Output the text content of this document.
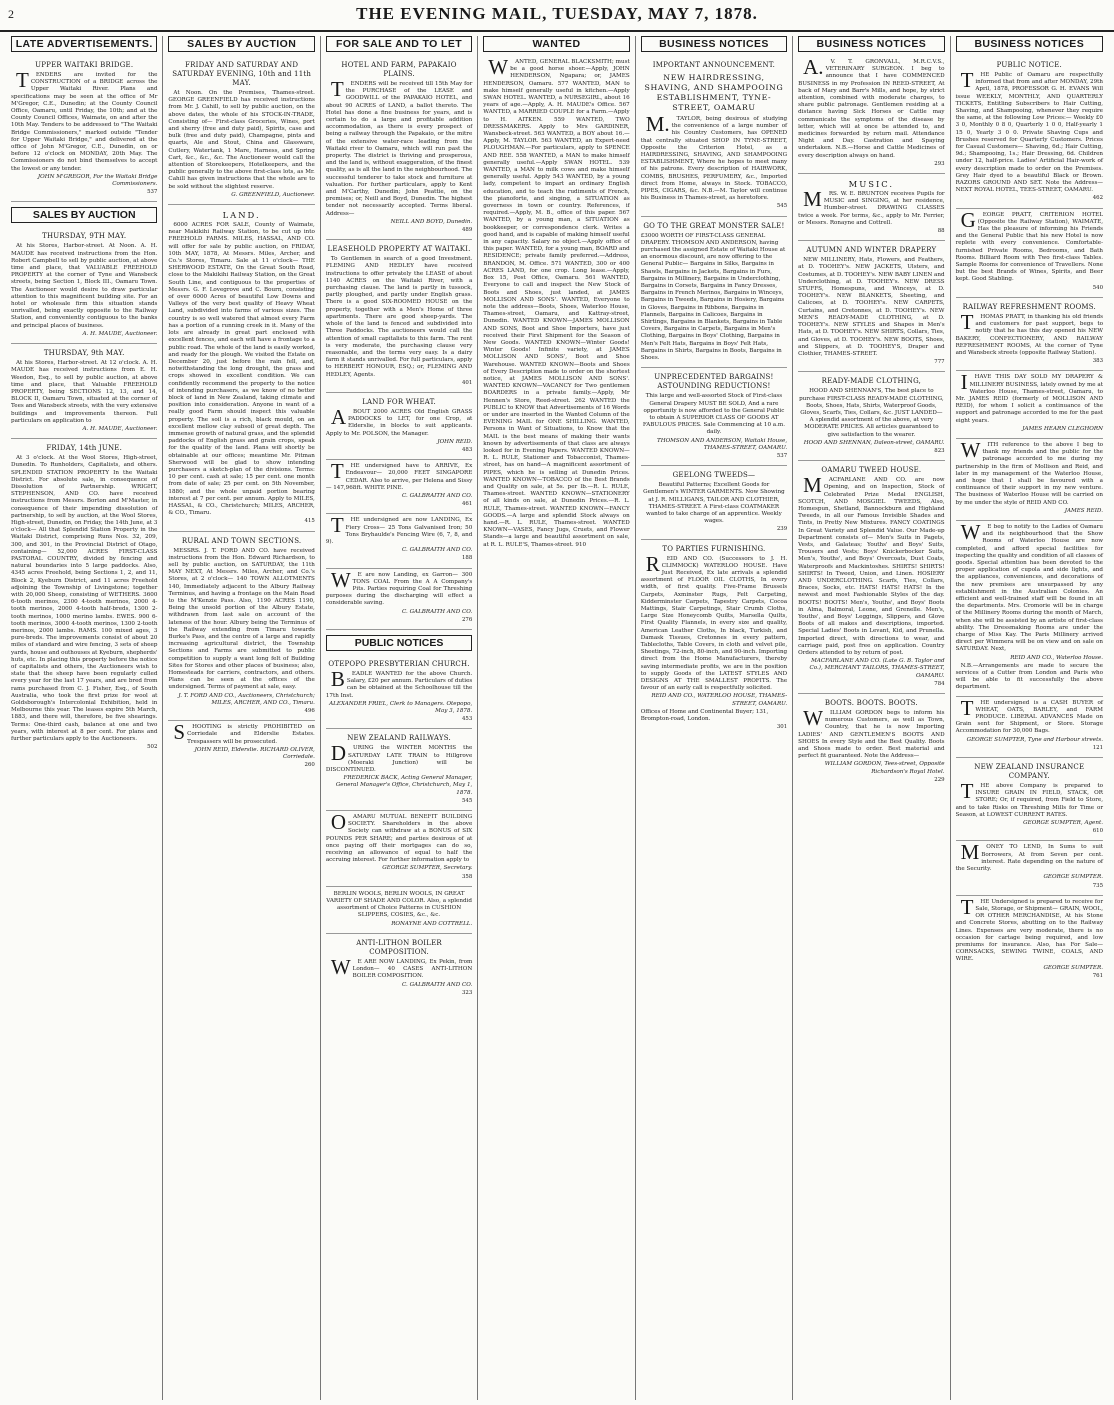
2	THE EVENING MAIL, TUESDAY, MAY 7, 1878.
LATE ADVERTISEMENTS.
UPPER WAITAKI BRIDGE.

TENDERS are invited for the CONSTRUCTION of a BRIDGE across the Upper Waitaki River. Plans and specifications may be seen at the office of Mr M'Gregor, C.E., Dunedin; at the County Council Office, Oamaru, until Friday, the 10th; and at the County Council Offices, Waimate, on and after the 10th May. Tenders to be addressed to "The Waitaki Bridge Commissioners," marked outside "Tender for Upper Waitaki Bridge," and delivered at the office of John M'Gregor, C.E., Dunedin, on or before 12 o'clock on MONDAY, 20th May. The Commissioners do not bind themselves to accept the lowest or any tender.

JOHN M'GREGOR, For the Waitaki Bridge Commissioners.

537

SALES BY AUCTION
THURSDAY, 9TH MAY.

At his Stores, Harbor-street. At Noon. A. H. MAUDE has received instructions from the Hon. Robert Campbell to sell by public auction, at above time and place, that VALUABLE FREEHOLD PROPERTY at the corner of Tyne and Wansbeck streets, being Section 1, Block III., Oamaru Town. The Auctioneer would desire to draw particular attention to this magnificent building site. For an hotel or wholesale firm this situation stands unrivalled, being exactly opposite to the Railway Station, and conveniently contiguous to the banks and principal places of business.

A. H. MAUDE, Auctioneer.

THURSDAY, 9th MAY.

At his Stores, Harbor-street. At 12 o'clock. A. H. MAUDE has received instructions from E. H. Weedon, Esq., to sell by public auction, at above time and place, that Valuable FREEHOLD PROPERTY, being SECTIONS 12, 13, and 14, BLOCK II, Oamaru Town, situated at the corner of Tees and Wansbeck streets, with the very extensive buildings and improvements thereon. Full particulars on application to

A. H. MAUDE, Auctioneer.

FRIDAY, 14th JUNE.

At 3 o'clock. At the Wool Stores, High-street, Dunedin. To Runholders, Capitalists, and others. SPLENDID STATION PROPERTY In the Waitaki District. For absolute sale, in consequence of Dissolution of Partnership. WRIGHT, STEPHENSON, AND CO. have received instructions from Messrs. Borton and M'Master, in consequence of their impending dissolution of partnership, to sell by auction, at the Wool Stores, High-street, Dunedin, on Friday, the 14th June, at 3 o'clock— All that Splendid Station Property in the Waitaki District, comprising Runs Nos. 32, 209, 300, and 301, in the Provincial District of Otago, containing— 52,000 ACRES FIRST-CLASS PASTORAL COUNTRY, divided by fencing and natural boundaries into 5 large paddocks. Also, 4345 acres Freehold, being Sections 1, 2, and 11, Block 2, Kyeburn District, and 11 acres Freehold adjoining the Township of Livingstone; together with 20,000 Sheep, consisting of WETHERS. 3600 6-tooth merinos, 2300 4-tooth merinos, 2000 4-tooth merinos, 2000 4-tooth half-breds, 1300 2-tooth merinos, 1000 merino lambs. EWES. 900 6-tooth merinos, 3000 4-tooth merinos, 1300 2-tooth merinos, 2000 lambs. RAMS. 100 mixed ages, 3 pure-breds. The improvements consist of about 20 miles of standard and wire fencing, 3 sets of sheep yards, house and outhouses at Kyeburn, shepherds' huts, etc. In placing this property before the notice of capitalists and others, the Auctioneers wish to state that the sheep have been regularly culled every year for the last 17 years, and are bred from rams purchased from C. J. Fisher, Esq., of South Australia, who took the first prize for wool at Goldsborough's Intercolonial Exhibition, held in Melbourne this year. The leases expire 5th March, 1883, and there will, therefore, be five shearings. Terms: One-third cash, balance at one and two years, with interest at 8 per cent. For plans and further particulars apply to the Auctioneers.

502

SALES BY AUCTION
FRIDAY AND SATURDAY AND SATURDAY EVENING, 10th and 11th MAY.

At Noon. On the Premises, Thames-street. GEORGE GREENFIELD has received instructions from Mr. J. Cahill, to sell by public auction, on the above dates, the whole of his STOCK-IN-TRADE, Consisting of— First-class Groceries, Wines, port and sherry (free and duty paid), Spirits, case and bulk (free and duty paid), Champagne, pints and quarts, Ale and Stout, China and Glassware, Cutlery, Watertank, 1 Mare, Harness, and Spring Cart, &c., &c., &c. The Auctioneer would call the attention of Storekeepers, Hotelkeepers, and the public generally to the above first-class lots, as Mr. Cahill has given instructions that the whole are to be sold without the slightest reserve.

G. GREENFIELD, Auctioneer.

LAND.

6000 ACRES FOR SALE, County of Waimate, near Makikihi Railway Station, to be cut up into FREEHOLD FARMS. MILES, HASSAL, AND CO. will offer for sale by public auction, on FRIDAY, 10th MAY, 1878, At Messrs. Miles, Archer, and Co.'s Stores, Timaru. Sale at 11 o'clock— THE SHERWOOD ESTATE, On the Great South Road, close to the Makikihi Railway Station, on the Great South Line, and contiguous to the properties of Messrs. G. F. Lovegrove and C. Bourn, consisting of over 6000 Acres of beautiful Low Downs and Valleys of the very best quality of Heavy Wheat Land, subdivided into farms of various sizes. The country is so well watered that almost every Farm has a portion of a running creek in it. Many of the lots are already in great part enclosed with excellent fences, and each will have a frontage to a public road. The whole of the land is easily worked, and ready for the plough. We visited the Estate on December 20, just before the rain fell, and, notwithstanding the long drought, the grass and crops showed in excellent condition. We can confidently recommend the property to the notice of intending purchasers, as we know of no better block of land in New Zealand, taking climate and position into consideration. Anyone in want of a really good Farm should inspect this valuable property. The soil is a rich, black mould, on an excellent mellow clay subsoil of great depth. The immense growth of natural grass, and the splendid paddocks of English grass and grain crops, speak for the quality of the land. Plans will shortly be obtainable at our offices; meantime Mr. Pitman Sherwood will be glad to show intending purchasers a sketch-plan of the divisions. Terms: 10 per cent. cash at sale; 15 per cent. one month from date of sale; 25 per cent. on 5th November, 1880; and the whole unpaid portion bearing interest at 7 per cent. per annum. Apply to MILES, HASSAL, & CO., Christchurch; MILES, ARCHER, & CO., Timaru.

415

RURAL AND TOWN SECTIONS.

MESSRS. J. T. FORD AND CO. have received instructions from the Hon. Edward Richardson, to sell by public auction, on SATURDAY, the 11th MAY NEXT, At Messrs. Miles, Archer, and Co.'s Stores, at 2 o'clock— 140 TOWN ALLOTMENTS 140, Immediately adjacent to the Albury Railway Terminus, and having a frontage on the Main Road to the M'Kenzie Pass. Also, 1190 ACRES 1190, Being the unsold portion of the Albury Estate, withdrawn from last sale on account of the lateness of the hour. Albury being the Terminus of the Railway extending from Timaru towards Burke's Pass, and the centre of a large and rapidly increasing agricultural district, the Township Sections and Farms are submitted to public competition to supply a want long felt of Building Sites for Stores and other places of business; also, Homesteads for carriers, contractors, and others. Plans can be seen at the offices of the undersigned. Terms of payment at sale, easy.

J. T. FORD AND CO., Auctioneers, Christchurch; MILES, ARCHER, AND CO., Timaru.

496

SHOOTING is strictly PROHIBITED on Corriedale and Elderslie Estates. Trespassers will be prosecuted.

JOHN REID, Elderslie. RICHARD OLIVER, Corriedale.

260

FOR SALE AND TO LET
HOTEL AND FARM, PAPAKAIO PLAINS.

TENDERS will be received till 15th May for the PURCHASE of the LEASE and GOODWILL of the PAPAKAIO HOTEL, and about 90 ACRES of LAND, a ballot thereto. The Hotel has done a fine business for years, and is certain to do a large and profitable addition accommodation, as there is every prospect of being a railway through the Papakaio, or the mitre of the extensive water-race leading from the Waitaki river to Oamaru, which will run past the property. The district is thriving and prosperous, and the land is, without exaggeration, of the finest quality, as is all the land in the neighbourhood. The successful tenderer to take stock and furniture at valuation. For further particulars, apply to Kent and M'Carthy, Dunedin; John Peattie, on the premises; or, Neill and Boyd, Dunedin. The highest tender not necessarily accepted. Terms liberal. Address—

NEILL AND BOYD, Dunedin.

489

LEASEHOLD PROPERTY AT WAITAKI.

To Gentlemen in search of a good Investment. FLEMING AND HEDLEY have received instructions to offer privately the LEASE of about 1140 ACRES on the Waitaki River, with a purchasing clause. The land is partly in tussock, partly ploughed, and partly under English grass. There is a good SIX-ROOMED HOUSE on the property, together with a Men's Home of three apartments. There are good sheep-yards. The whole of the land is fenced and subdivided into Three Paddocks. The auctioneers would call the attention of small capitalists to this farm. The rent is very moderate, the purchasing clause very reasonable, and the terms very easy. Is a dairy farm it stands unrivalled. For full particulars, apply to HERBERT HONOUR, ESQ.; or, FLEMING AND HEDLEY, Agents.

401

LAND FOR WHEAT.

ABOUT 2000 ACRES Old English GRASS PADDOCKS to LET, for one Crop, at Elderslie, in blocks to suit applicants. Apply to Mr. POLSON, the Manager.

JOHN REID.

483

THE undersigned have to ARRIVE, Ex Endeavour— 20,000 FEET SINGAPORE CEDAR. Also to arrive, per Helena and Sissy— 147,968ft. WHITE PINE.

C. GALBRAITH AND CO.

461

THE undersigned are now LANDING, Ex Fiery Cross— 25 Tons Galvanised Iron; 50 Tons Bryhaulde's Fencing Wire (6, 7, 8, and 9).

C. GALBRAITH AND CO.

188

WE are now Landing, ex Garron— 300 TONS COAL From the A A Company's Pits. Parties requiring Coal for Threshing purposes during the discharging will effect a considerable saving.

C. GALBRAITH AND CO.

276

PUBLIC NOTICES
OTEPOPO PRESBYTERIAN CHURCH.

BEADLE WANTED for the above Church. Salary, £20 per annum. Particulars of duties can be obtained at the Schoolhouse till the 17th Inst.

ALEXANDER FRIEL, Clerk to Managers. Otepopo, May 3, 1878.

453

NEW ZEALAND RAILWAYS.

DURING the WINTER MONTHS the SATURDAY LATE TRAIN to Hillgrove (Moeraki Junction) will be DISCONTINUED.

FREDERICK BACK, Acting General Manager, General Manager's Office, Christchurch, May 1, 1878.

545

OAMARU MUTUAL BENEFIT BUILDING SOCIETY. Shareholders in the above Society can withdraw at a BONUS of SIX POUNDS PER SHARE; and parties desirous of at once paying off their mortgages can do so, receiving an allowance of equal to half the accruing interest. For further information apply to

GEORGE SUMPTER, Secretary.

358

BERLIN WOOLS, BERLIN WOOLS, IN GREAT VARIETY OF SHADE AND COLOR. Also, a splendid assortment of Choice Patterns in CUSHION SLIPPERS, COSIES, &c., &c.

RONAYNE AND COTTRELL.

ANTI-LITHON BOILER COMPOSITION.

WE ARE NOW LANDING, Ex Pekin, from London— 40 CASES ANTI-LITHON BOILER COMPOSITION.

C. GALBRAITH AND CO.

323

WANTED

WANTED, GENERAL BLACKSMITH; must be a good horse shoer.—Apply, JOHN HENDERSON, Ngapara; or, JAMES HENDERSON, Oamaru. 577 WANTED, MAN to make himself generally useful in kitchen.—Apply SWAN HOTEL. WANTED, a NURSEGIRL, about 16 years of age.—Apply, A. H. MAUDE's Office. 567 WANTED, a MARRIED COUPLE for a Farm.—Apply to H. AITKEN. 559 WANTED, TWO DRESSMAKERS. Apply to Mrs GARDINER, Wansbeck-street. 563 WANTED, a BOY about 16.—Apply, M. TAYLOR. 563 WANTED, an Expert-need PLOUGHMAN.—For particulars, apply to SPENCE AND REE. 558 WANTED, a MAN to make himself generally useful.—Apply SWAN HOTEL. 539 WANTED, a MAN to milk cows and make himself generally useful. Apply 543 WANTED, by a young lady, competent to impart an ordinary English education, and to teach the rudiments of French, the pianoforte, and singing, a SITUATION as governess in town or country. References, if required.—Apply, M. B., office of this paper. 567 WANTED, by a young man, a SITUATION as bookkeeper, or correspondence clerk. Writes a good hand, and is capable of making himself useful in any capacity. Salary no object.—Apply office of this paper. WANTED, for a young man, BOARD and RESIDENCE; private family preferred.—Address, BRANDON, M. Office. 571 WANTED, 300 or 400 ACRES LAND, for one crop. Long lease.—Apply, Box 15, Post Office, Oamaru. 561 WANTED, Everyone to call and inspect the New Stock of Boots and Shoes, just landed, at JAMES MOLLISON AND SONS'. WANTED, Everyone to note the address—Boots, Shoes, Waterloo House, Thames-street, Oamaru, and Kattray-street, Dunedin. WANTED KNOWN—JAMES MOLLISON AND SONS, Boot and Shoe Importers, have just received their First Shipment for the Season of New Goods. WANTED KNOWN—Winter Goods! Winter Goods! Infinite variety, at JAMES MOLLISON AND SONS', Boot and Shoe Warehouse. WANTED KNOWN—Boots and Shoes of Every Description made to order on the shortest notice, at JAMES MOLLISON AND SONS'. WANTED KNOWN—VACANCY for Two gentlemen BOARDERS in a private family.—Apply, Mr Hennen's Store, Reed-street. 262 WANTED the PUBLIC to KNOW that Advertisements of 16 Words or under are inserted in the Wanted Column of the EVENING MAIL for ONE SHILLING. WANTED, Persons in Want of Situations, to Know that the MAIL is the best means of making their wants known by advertisements of that class are always looked for in Evening Papers. WANTED KNOWN—R. L. RULE, Stationer and Tobacconist, Thames-street, has on hand—A magnificent assortment of PIPES, which he is selling at Dunedin Prices. WANTED KNOWN—TOBACCO of the Best Brands and Quality on sale, at 5s. per lb.—R. L. RULE, Thames-street. WANTED KNOWN—STATIONERY of all kinds on sale, at Dunedin Prices.—R. L. RULE, Thames-street. WANTED KNOWN—FANCY GOODS.—A large and splendid Stock always on hand.—R. L. RULE, Thames-street. WANTED KNOWN—VASES, Fancy Jugs, Cruets, and Flower Stands—a large and beautiful assortment on sale, at R. L. RULE'S, Thames-street. 910

BUSINESS NOTICES
IMPORTANT ANNOUNCEMENT.
NEW HAIRDRESSING, SHAVING, AND SHAMPOOING ESTABLISHMENT, TYNE-STREET, OAMARU

M.TAYLOR, being desirous of studying the convenience of a large number of his Country Customers, has OPENED that centrally situated SHOP IN TYNE-STREET, Opposite the Criterion Hotel, as a HAIRDRESSING, SHAVING, AND SHAMPOOING ESTABLISHMENT, Where he hopes to meet many of his patrons. Every description of HAIRWORK, COMBS, BRUSHES, PERFUMERY, &c., Imported direct from Home, always in Stock. TOBACCO, PIPES, CIGARS, &c. N.B.—M. Taylor will continue his Business in Thames-street, as heretofore.

545

GO TO THE GREAT MONSTER SALE!

£3000 WORTH OF FIRST-CLASS GENERAL DRAPERY. THOMSON AND ANDERSON, having purchased the assigned Estate of Waitaki House at an enormous discount, are now offering to the General Public— Bargains in Silks, Bargains in Shawls, Bargains in Jackets, Bargains in Furs, Bargains in Millinery, Bargains in Underclothing, Bargains in Corsets, Bargains in Fancy Dresses, Bargains in French Merinos, Bargains in Winceys, Bargains in Tweeds, Bargains in Hosiery, Bargains in Gloves, Bargains in Ribbons, Bargains in Flannels, Bargains in Calicoes, Bargains in Shirtings, Bargains in Blankets, Bargains in Table Covers, Bargains in Carpets, Bargains in Men's Clothing, Bargains in Boys' Clothing, Bargains in Men's Felt Hats, Bargains in Boys' Felt Hats, Bargains in Shirts, Bargains in Boots, Bargains in Shoes.

UNPRECEDENTED BARGAINS! ASTOUNDING REDUCTIONS!

This large and well-assorted Stock of First-class General Drapery MUST BE SOLD, And a rare opportunity is now afforded to the General Public to obtain A SUPERIOR CLASS OF GOODS AT FABULOUS PRICES. Sale Commencing at 10 a.m. daily.

THOMSON AND ANDERSON, Waitaki House, THAMES-STREET, OAMARU.

537

GEELONG TWEEDS—

Beautiful Patterns; Excellent Goods for Gentlemen's WINTER GARMENTS. Now Showing at J. R. MILLIGANS, TAILOR AND CLOTHIER, THAMES-STREET. A First-class COATMAKER wanted to take charge of an apprentice. Weekly wages.

239

TO PARTIES FURNISHING.

REID AND CO. (Successors to J. H. CLIMMOCK) WATERLOO HOUSE. Have Just Received, Ex late arrivals a splendid assortment of FLOOR OIL CLOTHS, In every width, of first quality. Five-Frame Brussels Carpets, Axminster Rugs, Felt Carpeting, Kidderminster Carpets, Tapestry Carpets, Cocoa Mattings, Stair Carpetings, Stair Crumb Cloths, Large Size Honeycomb Quilts, Marsella Quilts, First Quality Flannels, in every size and quality, American Leather Cloths, In black, Turkish, and Damask Tissues, Cretonnes in every pattern, Tablecloths, Table Covers, in cloth and velvet pile, Sheetings, 72-inch, 80-inch, and 90-inch. Importing direct from the Home Manufacturers, thereby saving intermediate profits, we are in the position to supply Goods of the LATEST STYLES AND DESIGNS AT THE SMALLEST PROFITS. The favour of an early call is respectfully solicited.

REID AND CO., WATERLOO HOUSE, THAMES-STREET, OAMARU.

Offices of Home and Continental Buyer; 131, Brompton-road, London.

301

BUSINESS NOTICES

A.V. T. GRONVALL, M.R.C.V.S., VETERINARY SURGEON. I beg to announce that I have COMMENCED BUSINESS in my Profession IN REED-STREET, At back of Mary and Barr's Mills, and hope, by strict attention, combined with moderate charges, to share public patronage. Gentlemen residing at a distance having Sick Horses or Cattle may communicate the symptoms of the disease by letter, which will at once be attended to, and medicines forwarded by return mail. Attendance Night and Day. Castration and Spaying undertaken. N.B.—Horse and Cattle Medicines of every description always on hand.

293

MUSIC.

MRS. W. E. BRUNTON receives Pupils for MUSIC and SINGING, at her residence, Humber-street. DRAWING CLASSES twice a week. For terms, &c., apply to Mr. Ferrier, or Messrs. Ronayne and Cottrell.

88

AUTUMN AND WINTER DRAPERY

NEW MILLINERY, Hats, Flowers, and Feathers, at D. TOOHEY's. NEW JACKETS, Ulsters, and Costumes, at D. TOOHEY's. NEW BABY LINEN and Underclothing, at D. TOOHEY's. NEW DRESS STUFFS, Homespuns, and Winceys, at D. TOOHEY's. NEW BLANKETS, Sheeting, and Calicoes, at D. TOOHEY's. NEW CARPETS, Curtains, and Cretonnes, at D. TOOHEY's. NEW MEN'S READY-MADE CLOTHING, at D. TOOHEY's. NEW STYLES and Shapes in Men's Hats, at D. TOOHEY's. NEW SHIRTS, Collars, Ties, and Gloves, at D. TOOHEY's. NEW BOOTS, Shoes, and Slippers, at D. TOOHEY'S, Draper and Clothier, THAMES-STREET.

777

READY-MADE CLOTHING,

HOOD AND SHENNAN'S, The best place to purchase FIRST-CLASS READY-MADE CLOTHING, Boots, Shoes, Hats, Shirts, Waterproof Goods, Gloves, Scarfs, Ties, Collars, &c. JUST LANDED— A splendid assortment of the above, at very MODERATE PRICES. All articles guaranteed to give satisfaction to the wearer.

HOOD AND SHENNAN, Daleon-street, OAMARU.

823

OAMARU TWEED HOUSE.

MACFARLANE AND CO. are now Opening, and on Inspection, Stock of Celebrated Prize Medal ENGLISH, SCOTCH, AND MOSGIEL TWEEDS, Also, Homespun, Shetland, Bannockburn and Highland Tweeds, in all our Famous Invisible Shades and Tints, in Pretty New Mixtures. FANCY COATINGS In Great Variety and Splendid Value. Our Made-up Department consists of— Men's Suits in Pagets, Vests, and Galateas; Youths' and Boys' Suits, Trousers and Vests; Boys' Knickerbocker Suits, Men's, Youths', and Boys' Overcoats, Dust Coats, Waterproofs and Mackintoshes. SHIRTS! SHIRTS! SHIRTS! In Tweed, Union, and Linen. HOSIERY AND UNDERCLOTHING. Scarfs, Ties, Collars, Braces, Socks, etc. HATS! HATS! HATS! In the newest and most Fashionable Styles of the day. BOOTS! BOOTS! Men's, Youths', and Boys' Boots in Alma, Balmoral, Leone, and Grenelle. Men's, Youths', and Boys' Leggings, Slippers, and Glove Boots of all makes and descriptions, imported. Special Ladies' Boots in Levant, Kid, and Prunella. Imported direct, with directions to wear, and carriage paid, post free on application. Country Orders attended to by return of post.

MACFARLANE AND CO. (Late G. B. Taylor and Co.), MERCHANT TAILORS, THAMES-STREET, OAMARU.

784

BOOTS. BOOTS. BOOTS.

WILLIAM GORDON begs to inform his numerous Customers, as well as Town, Country, that he is now Importing LADIES' AND GENTLEMEN'S BOOTS AND SHOES In every Style and the Best Quality. Boots and Shoes made to order. Best material and perfect fit guaranteed. Note the Address—

WILLIAM GORDON, Tees-street, Opposite Richardson's Royal Hotel.

229

BUSINESS NOTICES
PUBLIC NOTICE.

THE Public of Oamaru are respectfully informed that from and after MONDAY, 29th April, 1878, PROFESSOR G. H. EVANS Will issue WEEKLY, MONTHLY, AND QUARTERLY TICKETS, Entitling Subscribers to Hair Cutting, Shaving, and Shampooing, whenever they require the same, at the following Low Prices:— Weekly £0 3 0, Monthly 0 8 0, Quarterly 1 0 0, Half-yearly 1 15 0, Yearly 3 0 0. Private Shaving Cups and Brushes reserved for Quarterly Customers. Prices for Casual Customers— Shaving, 6d.; Hair Cutting, 9d.; Shampooing, 1s.; Hair Dressing, 6d. Children under 12, half-price. Ladies' Artificial Hair-work of every description made to order on the Premises. Grey Hair dyed to a beautiful Black or Brown. RAZORS GROUND AND SET. Note the Address— NEXT ROYAL HOTEL, TEES-STREET, OAMARU.

462

GEORGE PRATT, CRITERION HOTEL (Opposite the Railway Station), WAIMATE, Has the pleasure of informing his Friends and the General Public that his new Hotel is now replete with every convenience. Comfortable-furnished Private Rooms, Bedrooms, and Bath Rooms. Billiard Room with Two first-class Tables. Sample Rooms for convenience of Travellers. None but the best Brands of Wines, Spirits, and Beer kept. Good Stabling.

540

RAILWAY REFRESHMENT ROOMS.

THOMAS PRATT, in thanking his old friends and customers for past support, begs to notify that he has this day opened his NEW BAKERY, CONFECTIONERY, AND RAILWAY REFRESHMENT ROOMS, At the corner of Tyne and Wansbeck streets (opposite Railway Station).

383

IHAVE THIS DAY SOLD MY DRAPERY & MILLINERY BUSINESS, lately owned by me at Waterloo House, Thames-street, Oamaru, to Mr. JAMES REID (formerly of MOLLISON AND REID), for whom I solicit a continuance of the support and patronage accorded to me for the past eight years.

JAMES HEARN CLEGHORN

WITH reference to the above I beg to thank my friends and the public for the patronage accorded to me during my partnership in the firm of Mollison and Reid, and later in my management of the Waterloo House, and hope that I shall be favoured with a continuance of their support in my new venture. The business of Waterloo House will be carried on by me under the style of REID AND CO.

JAMES REID.

WE beg to notify to the Ladies of Oamaru and its neighbourhood that the Show Rooms of Waterloo House are now completed, and afford special facilities for inspecting the quality and condition of all classes of goods. Special attention has been devoted to the proper application of cupola and side lights, and the appliances, conveniences, and decorations of the new premises are unsurpassed by any establishment in the Australian Colonies. An efficient and well-trained staff will be found in all the departments. Mrs. Cromorie will be in charge of the Millinery Rooms during the month of March, when she will be assisted by an artiste of first-class ability. The Dressmaking Rooms are under the charge of Miss Kay. The Paris Millinery arrived direct per Wimmera will be on view and on sale on SATURDAY. Next,

REID AND CO., Waterloo House.

N.B.—Arrangements are made to secure the services of a Cutter from London and Paris who will be able to fit successfully the above department.

THE undersigned is a CASH BUYER of WHEAT, OATS, BARLEY, and FARM PRODUCE. LIBERAL ADVANCES Made on Grain sent for Shipment, or Store. Storage Accommodation for 30,000 Bags.

GEORGE SUMPTER, Tyne and Harbour streets.

121

NEW ZEALAND INSURANCE COMPANY.

THE above Company is prepared to INSURE GRAIN IN FIELD, STACK, OR STORE; Or, if required, from Field to Store, and to take Risks on Threshing Mills for Time or Season, at LOWEST CURRENT RATES.

GEORGE SUMPTER, Agent.

610

MONEY TO LEND, In Sums to suit Borrowers, At from Seven per cent. interest. Rate depending on the nature of the Security.

GEORGE SUMPTER.

735

THE Undersigned is prepared to receive for Sale, Storage, or Shipment— GRAIN, WOOL, OR OTHER MERCHANDISE, At his Stone and Concrete Stores, abutting on to the Railway Lines. Expenses are very moderate, there is no occasion for cartage being required, and low premiums for insurance. Also, has For Sale— CORNSACKS, SEWING TWINE, COALS, AND WIRE.

GEORGE SUMPTER.

761
